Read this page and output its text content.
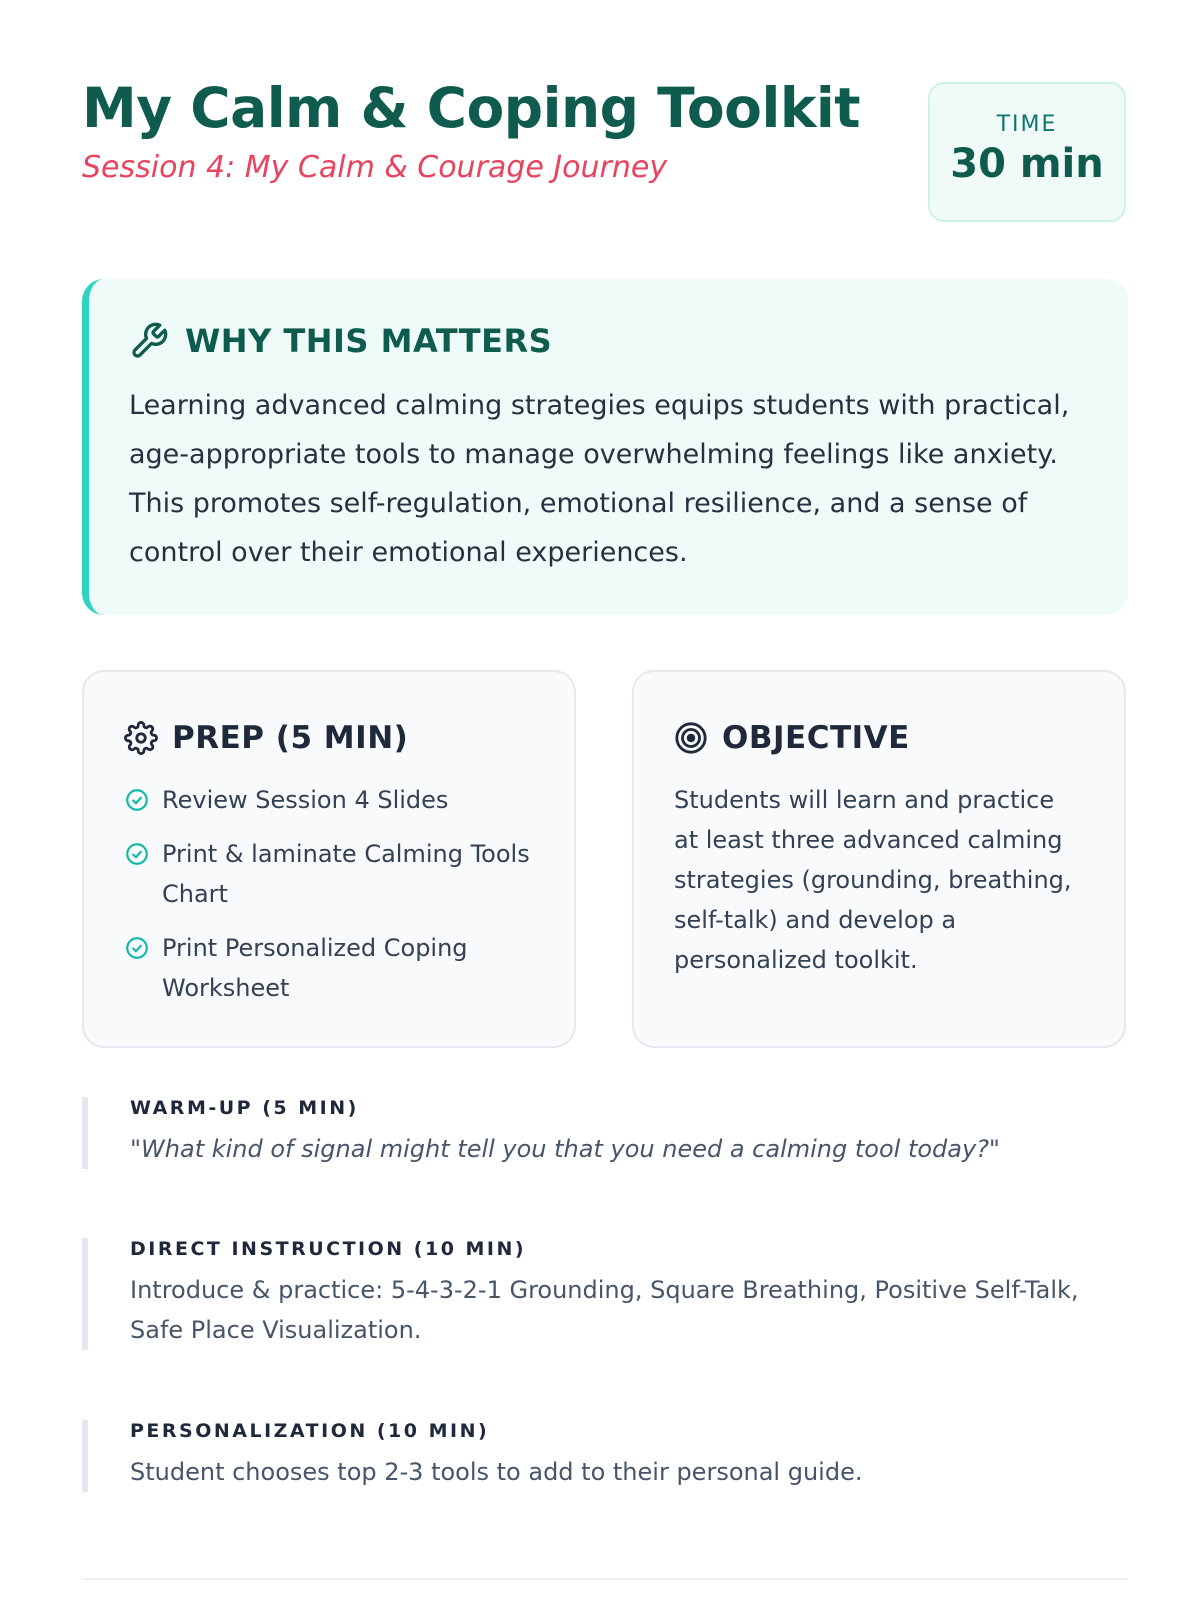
My Calm & Coping Toolkit
Session 4: My Calm & Courage Journey
TIME
30 min
WHY THIS MATTERS
Learning advanced calming strategies equips students with practical, age-appropriate tools to manage overwhelming feelings like anxiety. This promotes self-regulation, emotional resilience, and a sense of control over their emotional experiences.
PREP (5 MIN)
Review Session 4 Slides
Print & laminate Calming Tools Chart
Print Personalized Coping Worksheet
OBJECTIVE
Students will learn and practice at least three advanced calming strategies (grounding, breathing, self-talk) and develop a personalized toolkit.
WARM-UP (5 MIN)
"What kind of signal might tell you that you need a calming tool today?"
DIRECT INSTRUCTION (10 MIN)
Introduce & practice: 5-4-3-2-1 Grounding, Square Breathing, Positive Self-Talk, Safe Place Visualization.
PERSONALIZATION (10 MIN)
Student chooses top 2-3 tools to add to their personal guide.
